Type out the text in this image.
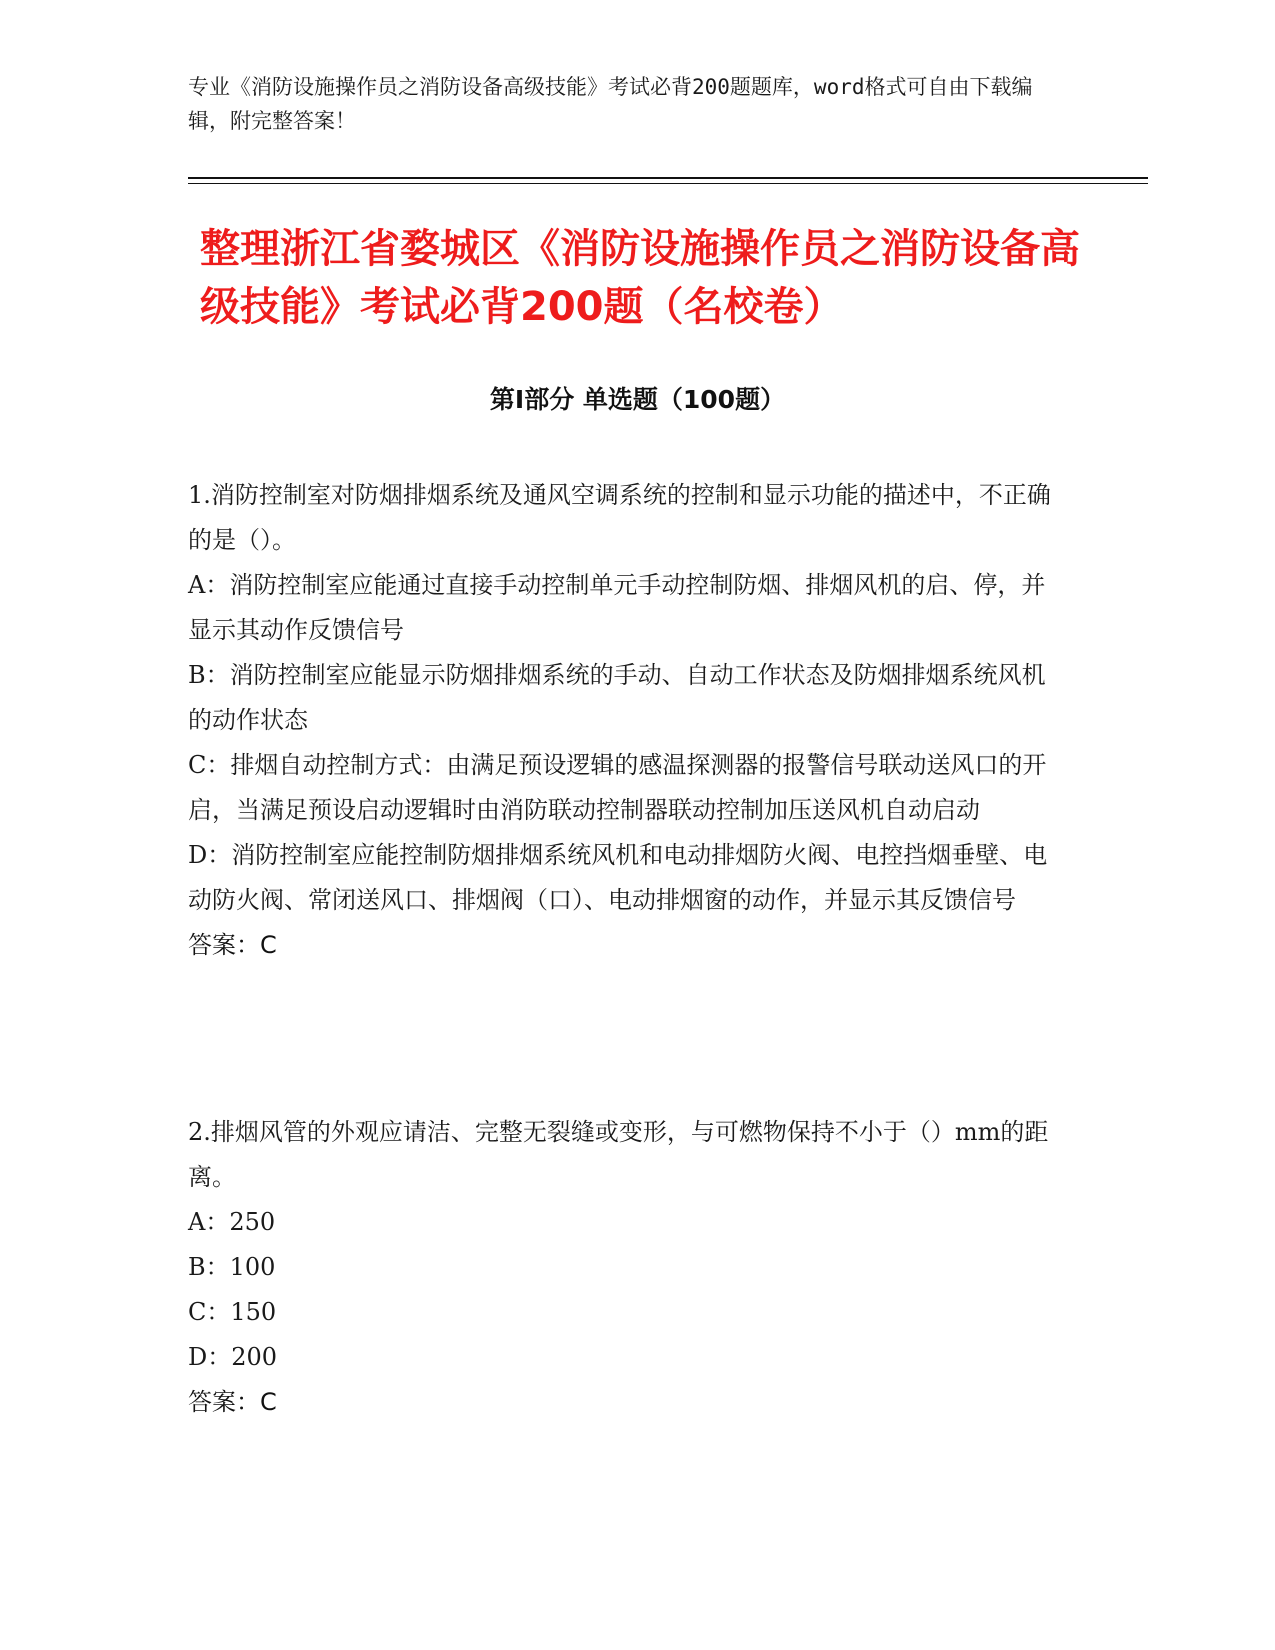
专业《消防设施操作员之消防设备高级技能》考试必背200题题库，word格式可自由下载编辑，附完整答案！
整理浙江省婺城区《消防设施操作员之消防设备高级技能》考试必背200题（名校卷）
第Ⅰ部分 单选题（100题）

1.消防控制室对防烟排烟系统及通风空调系统的控制和显示功能的描述中，不正确的是（）。

A：消防控制室应能通过直接手动控制单元手动控制防烟、排烟风机的启、停，并显示其动作反馈信号

B：消防控制室应能显示防烟排烟系统的手动、自动工作状态及防烟排烟系统风机的动作状态

C：排烟自动控制方式：由满足预设逻辑的感温探测器的报警信号联动送风口的开启，当满足预设启动逻辑时由消防联动控制器联动控制加压送风机自动启动

D：消防控制室应能控制防烟排烟系统风机和电动排烟防火阀、电控挡烟垂壁、电动防火阀、常闭送风口、排烟阀（口）、电动排烟窗的动作，并显示其反馈信号

答案：C

2.排烟风管的外观应请洁、完整无裂缝或变形，与可燃物保持不小于（）mm的距离。

A：250

B：100

C：150

D：200

答案：C
